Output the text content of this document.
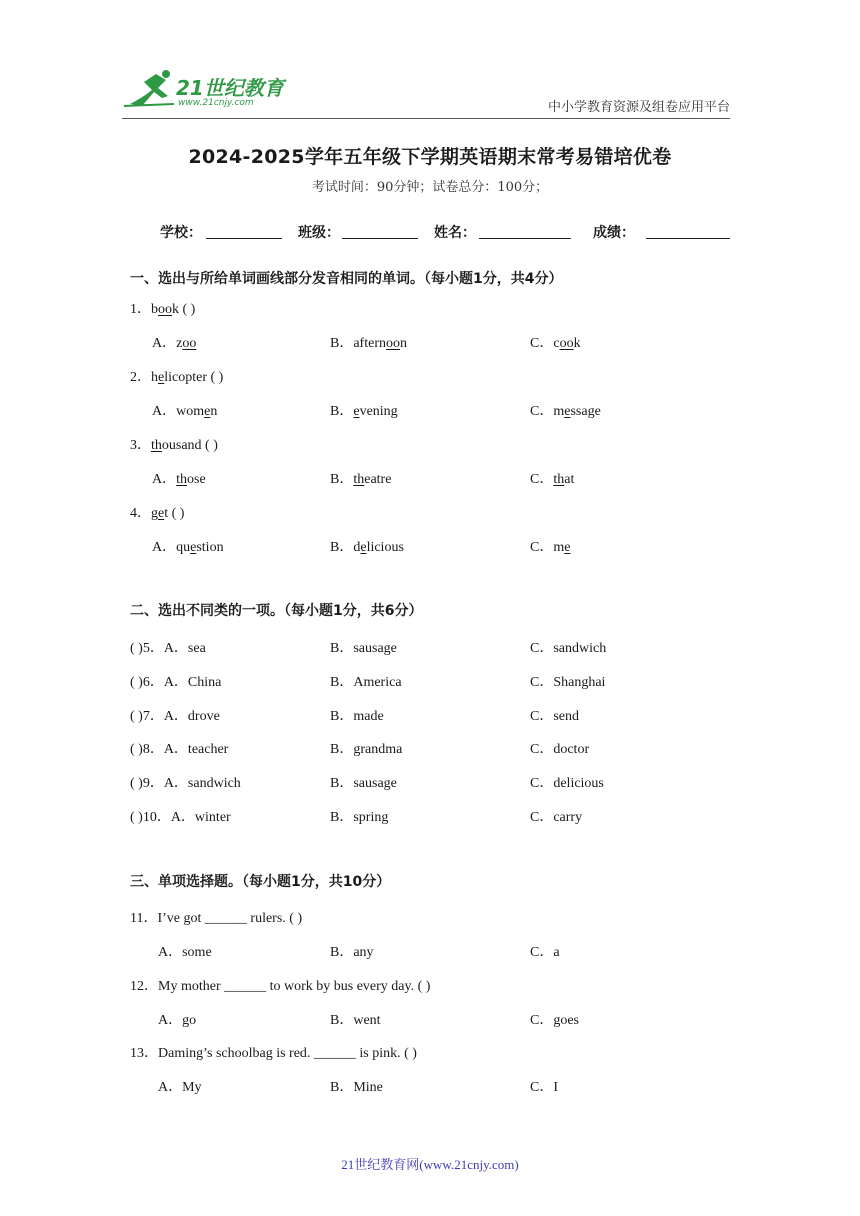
21世纪教育
www.21cnjy.com	中小学教育资源及组卷应用平台
2024-2025学年五年级下学期英语期末常考易错培优卷
考试时间：90分钟；试卷总分：100分；
学校：	班级：	姓名：	成绩：
一、选出与所给单词画线部分发音相同的单词。（每小题1分，共4分）
1．book ( )
A．zoo	B．afternoon	C．cook
2．helicopter ( )
A．women	B．evening	C．message
3．thousand ( )
A．those	B．theatre	C．that
4．get ( )
A．question	B．delicious	C．me
二、选出不同类的一项。（每小题1分，共6分）
( )5．A．sea	B．sausage	C．sandwich
( )6．A．China	B．America	C．Shanghai
( )7．A．drove	B．made	C．send
( )8．A．teacher	B．grandma	C．doctor
( )9．A．sandwich	B．sausage	C．delicious
( )10．A．winter	B．spring	C．carry
三、单项选择题。（每小题1分，共10分）
11．I’ve got ______ rulers. ( )
A．some	B．any	C．a
12．My mother ______ to work by bus every day. ( )
A．go	B．went	C．goes
13．Daming’s schoolbag is red. ______ is pink. ( )
A．My	B．Mine	C．I
21世纪教育网(www.21cnjy.com)
